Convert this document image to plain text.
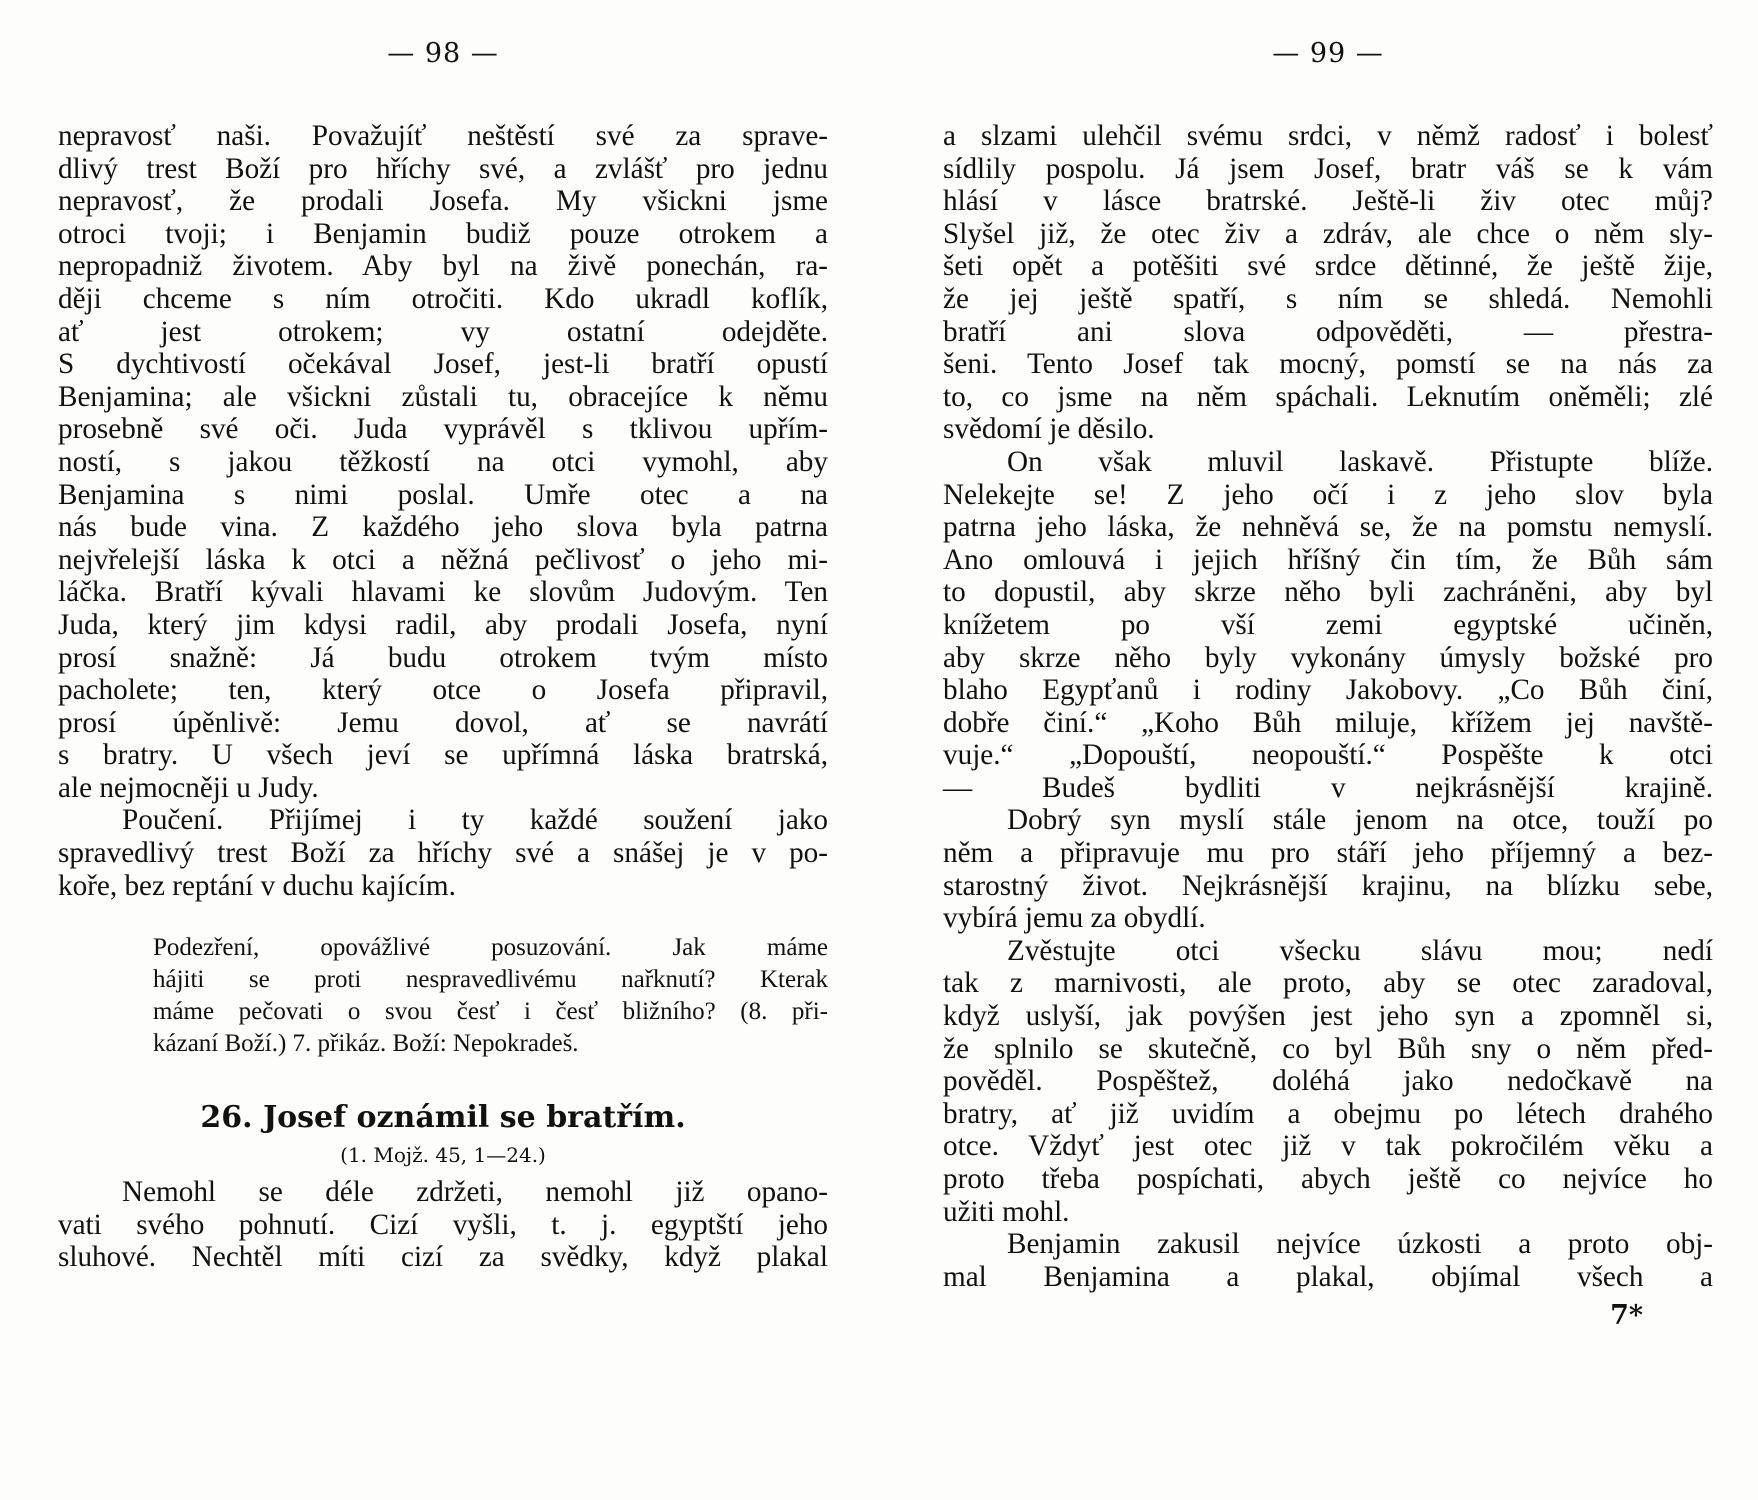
— 98 —
nepravosť naši. Považujíť neštěstí své za sprave-
dlivý trest Boží pro hříchy své, a zvlášť pro jednu
nepravosť, že prodali Josefa. My všickni jsme
otroci tvoji; i Benjamin budiž pouze otrokem a
nepropadniž životem. Aby byl na živě ponechán, ra-
ději chceme s ním otročiti. Kdo ukradl koflík,
ať jest otrokem; vy ostatní odejděte.
S dychtivostí očekával Josef, jest-li bratří opustí
Benjamina; ale všickni zůstali tu, obracejíce k němu
prosebně své oči. Juda vyprávěl s tklivou upřím-
ností, s jakou těžkostí na otci vymohl, aby
Benjamina s nimi poslal. Umře otec a na
nás bude vina. Z každého jeho slova byla patrna
nejvřelejší láska k otci a něžná pečlivosť o jeho mi-
láčka. Bratří kývali hlavami ke slovům Judovým. Ten
Juda, který jim kdysi radil, aby prodali Josefa, nyní
prosí snažně: Já budu otrokem tvým místo
pacholete; ten, který otce o Josefa připravil,
prosí úpěnlivě: Jemu dovol, ať se navrátí
s bratry. U všech jeví se upřímná láska bratrská,
ale nejmocněji u Judy.
Poučení. Přijímej i ty každé soužení jako
spravedlivý trest Boží za hříchy své a snášej je v po-
koře, bez reptání v duchu kajícím.
Podezření, opovážlivé posuzování. Jak máme
hájiti se proti nespravedlivému nařknutí? Kterak
máme pečovati o svou česť i česť bližního? (8. při-
kázaní Boží.) 7. přikáz. Boží: Nepokradeš.
26. Josef oznámil se bratřím.
(1. Mojž. 45, 1—24.)
Nemohl se déle zdržeti, nemohl již opano-
vati svého pohnutí. Cizí vyšli, t. j. egyptští jeho
sluhové. Nechtěl míti cizí za svědky, když plakal
— 99 —
a slzami ulehčil svému srdci, v němž radosť i bolesť
sídlily pospolu. Já jsem Josef, bratr váš se k vám
hlásí v lásce bratrské. Ještě-li živ otec můj?
Slyšel již, že otec živ a zdráv, ale chce o něm sly-
šeti opět a potěšiti své srdce dětinné, že ještě žije,
že jej ještě spatří, s ním se shledá. Nemohli
bratří ani slova odpověděti, — přestra-
šeni. Tento Josef tak mocný, pomstí se na nás za
to, co jsme na něm spáchali. Leknutím oněměli; zlé
svědomí je děsilo.
On však mluvil laskavě. Přistupte blíže.
Nelekejte se! Z jeho očí i z jeho slov byla
patrna jeho láska, že nehněvá se, že na pomstu nemyslí.
Ano omlouvá i jejich hříšný čin tím, že Bůh sám
to dopustil, aby skrze něho byli zachráněni, aby byl
knížetem po vší zemi egyptské učiněn,
aby skrze něho byly vykonány úmysly božské pro
blaho Egypťanů i rodiny Jakobovy. „Co Bůh činí,
dobře činí.“ „Koho Bůh miluje, křížem jej navště-
vuje.“ „Dopouští, neopouští.“ Pospěšte k otci
— Budeš bydliti v nejkrásnější krajině.
Dobrý syn myslí stále jenom na otce, touží po
něm a připravuje mu pro stáří jeho příjemný a bez-
starostný život. Nejkrásnější krajinu, na blízku sebe,
vybírá jemu za obydlí.
Zvěstujte otci všecku slávu mou; nedí
tak z marnivosti, ale proto, aby se otec zaradoval,
když uslyší, jak povýšen jest jeho syn a zpomněl si,
že splnilo se skutečně, co byl Bůh sny o něm před-
pověděl. Pospěštež, doléhá jako nedočkavě na
bratry, ať již uvidím a obejmu po létech drahého
otce. Vždyť jest otec již v tak pokročilém věku a
proto třeba pospíchati, abych ještě co nejvíce ho
užiti mohl.
Benjamin zakusil nejvíce úzkosti a proto obj-
mal Benjamina a plakal, objímal všech a
7*
